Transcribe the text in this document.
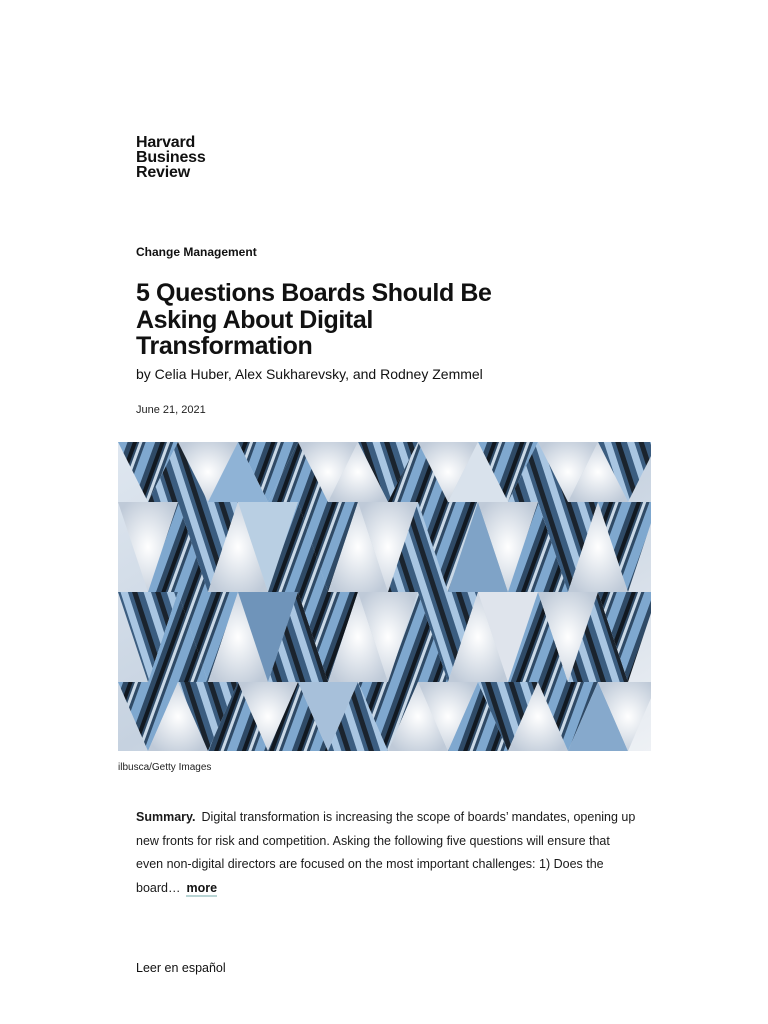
Harvard
Business
Review
Change Management
5 Questions Boards Should Be Asking About Digital Transformation
by Celia Huber, Alex Sukharevsky, and Rodney Zemmel
June 21, 2021
ilbusca/Getty Images

Summary. Digital transformation is increasing the scope of boards’ mandates, opening up new fronts for risk and competition. Asking the following five questions will ensure that even non-digital directors are focused on the most important challenges: 1) Does the board… more

Leer en español
